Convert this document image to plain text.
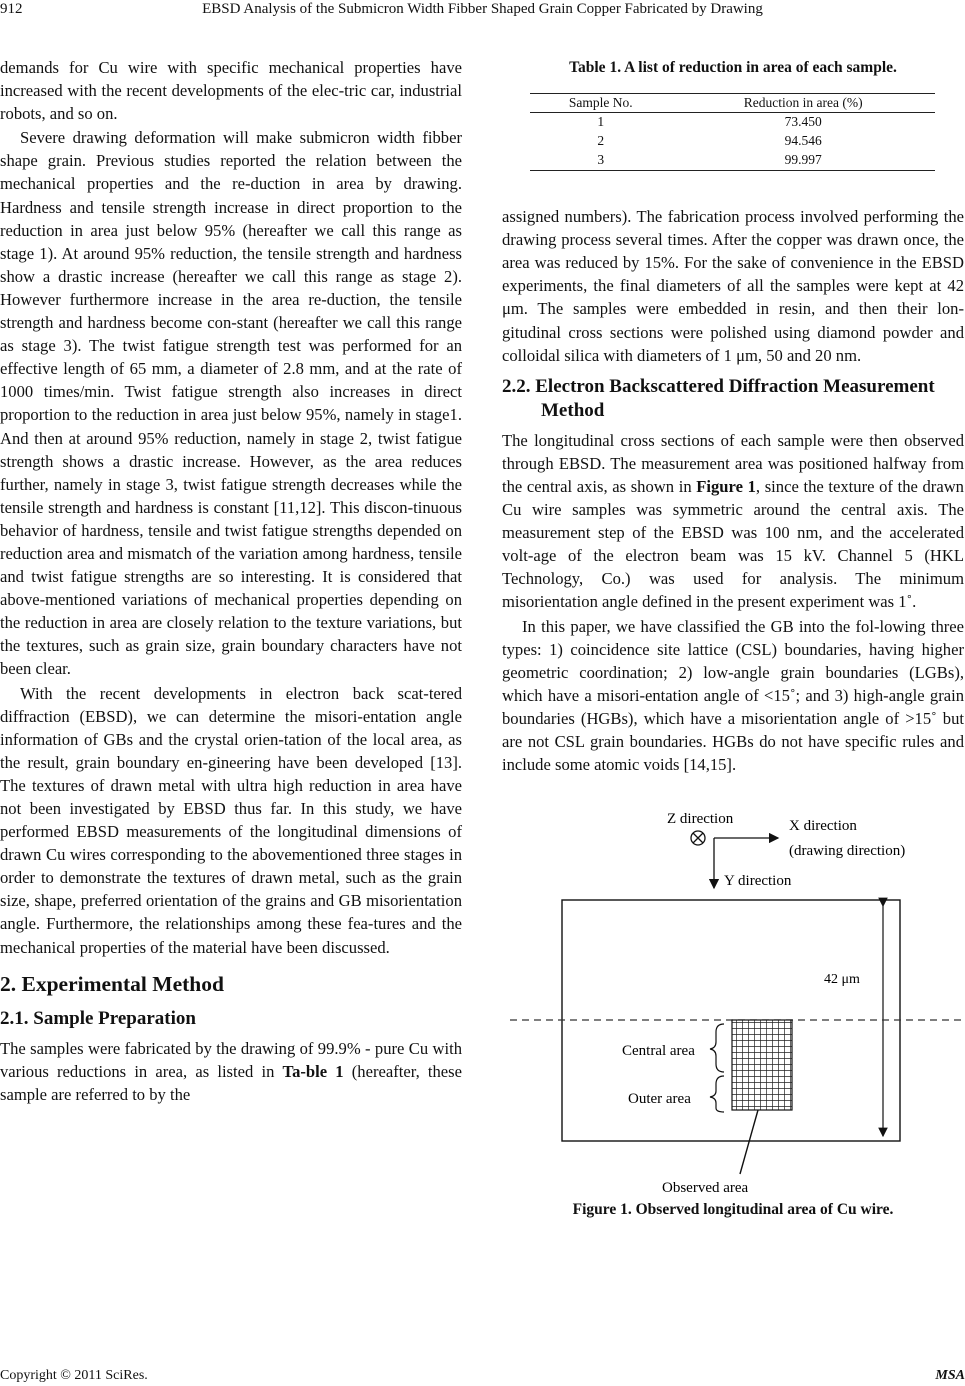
912	EBSD Analysis of the Submicron Width Fibber Shaped Grain Copper Fabricated by Drawing

demands for Cu wire with specific mechanical properties have increased with the recent developments of the elec-tric car, industrial robots, and so on.

Severe drawing deformation will make submicron width fibber shape grain. Previous studies reported the relation between the mechanical properties and the re-duction in area by drawing. Hardness and tensile strength increase in direct proportion to the reduction in area just below 95% (hereafter we call this range as stage 1). At around 95% reduction, the tensile strength and hardness show a drastic increase (hereafter we call this range as stage 2). However furthermore increase in the area re-duction, the tensile strength and hardness become con-stant (hereafter we call this range as stage 3). The twist fatigue strength test was performed for an effective length of 65 mm, a diameter of 2.8 mm, and at the rate of 1000 times/min. Twist fatigue strength also increases in direct proportion to the reduction in area just below 95%, namely in stage1. And then at around 95% reduction, namely in stage 2, twist fatigue strength shows a drastic increase. However, as the area reduces further, namely in stage 3, twist fatigue strength decreases while the tensile strength and hardness is constant [11,12]. This discon-tinuous behavior of hardness, tensile and twist fatigue strengths depended on reduction area and mismatch of the variation among hardness, tensile and twist fatigue strengths are so interesting. It is considered that above-mentioned variations of mechanical properties depending on the reduction in area are closely relation to the texture variations, but the textures, such as grain size, grain boundary characters have not been clear.

With the recent developments in electron back scat-tered diffraction (EBSD), we can determine the misori-entation angle information of GBs and the crystal orien-tation of the local area, as the result, grain boundary en-gineering have been developed [13]. The textures of drawn metal with ultra high reduction in area have not been investigated by EBSD thus far. In this study, we have performed EBSD measurements of the longitudinal dimensions of drawn Cu wires corresponding to the abovementioned three stages in order to demonstrate the textures of drawn metal, such as the grain size, shape, preferred orientation of the grains and GB misorientation angle. Furthermore, the relationships among these fea-tures and the mechanical properties of the material have been discussed.

2. Experimental Method
2.1. Sample Preparation

The samples were fabricated by the drawing of 99.9% - pure Cu with various reductions in area, as listed in Ta-ble 1 (hereafter, these sample are referred to by the

Table 1. A list of reduction in area of each sample.
Sample No.	Reduction in area (%)
1	73.450
2	94.546
3	99.997

assigned numbers). The fabrication process involved performing the drawing process several times. After the copper was drawn once, the area was reduced by 15%. For the sake of convenience in the EBSD experiments, the final diameters of all the samples were kept at 42 μm. The samples were embedded in resin, and then their lon-gitudinal cross sections were polished using diamond powder and colloidal silica with diameters of 1 μm, 50 and 20 nm.

2.2. Electron Backscattered Diffraction Measurement Method

The longitudinal cross sections of each sample were then observed through EBSD. The measurement area was positioned halfway from the central axis, as shown in Figure 1, since the texture of the drawn Cu wire samples was symmetric around the central axis. The measurement step of the EBSD was 100 nm, and the accelerated volt-age of the electron beam was 15 kV. Channel 5 (HKL Technology, Co.) was used for analysis. The minimum misorientation angle defined in the present experiment was 1˚.

In this paper, we have classified the GB into the fol-lowing three types: 1) coincidence site lattice (CSL) boundaries, having higher geometric coordination; 2) low-angle grain boundaries (LGBs), which have a misori-entation angle of <15˚; and 3) high-angle grain boundaries (HGBs), which have a misorientation angle of >15˚ but are not CSL grain boundaries. HGBs do not have specific rules and include some atomic voids [14,15].

Z direction	X direction
(drawing direction)
Y direction
42 μm
Central area
Outer area
Observed area
Figure 1. Observed longitudinal area of Cu wire.
Copyright © 2011 SciRes.	MSA
